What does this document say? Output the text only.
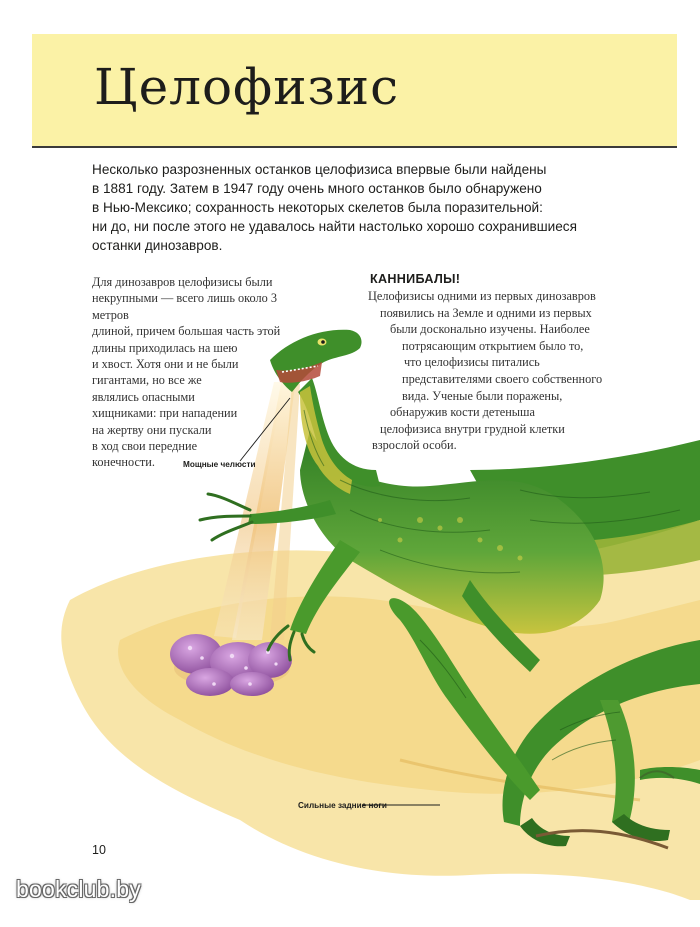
Целофизис

Несколько разрозненных останков целофизиса впервые были найдены
в 1881 году. Затем в 1947 году очень много останков было обнаружено
в Нью-Мексико; сохранность некоторых скелетов была поразительной:
ни до, ни после этого не удавалось найти настолько хорошо сохранившиеся
останки динозавров.

Для динозавров целофизисы были
некрупными — всего лишь около 3 метров
длиной, причем большая часть этой
длины приходилась на шею
и хвост. Хотя они и не были
гигантами, но все же
являлись опасными
хищниками: при нападении
на жертву они пускали
в ход свои передние
конечности.

КАННИБАЛЫ!

Целофизисы одними из первых динозавров
появились на Земле и одними из первых
были досконально изучены. Наиболее
потрясающим открытием было то,
что целофизисы питались
представителями своего собственного
вида. Ученые были поражены,
обнаружив кости детеныша
целофизиса внутри грудной клетки
взрослой особи.

Мощные челюсти
Сильные задние ноги
10
bookclub.by
